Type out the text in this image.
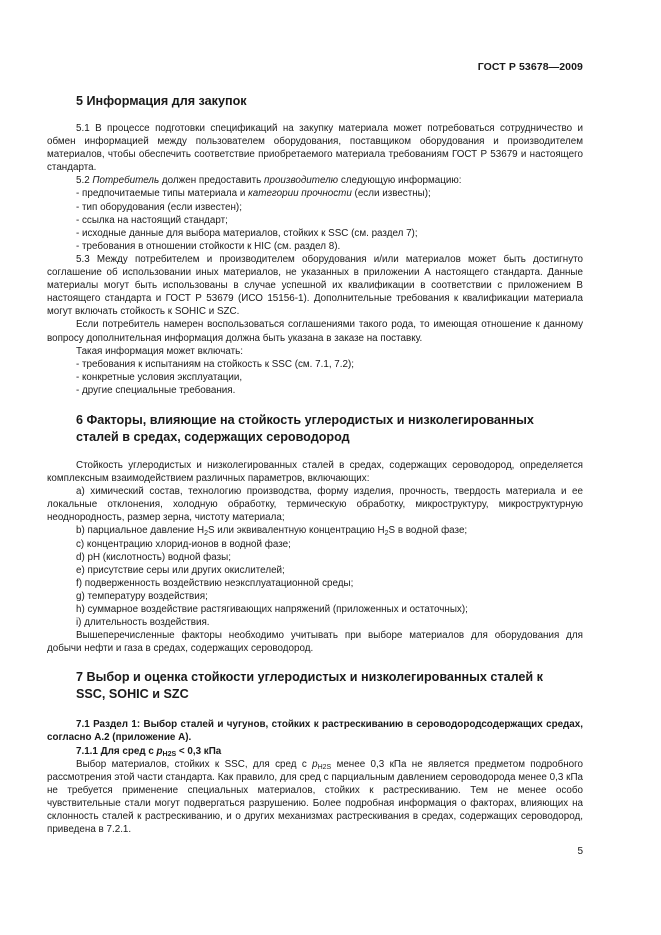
ГОСТ Р 53678—2009

5 Информация для закупок

5.1 В процессе подготовки спецификаций на закупку материала может потребоваться сотрудничество и обмен информацией между пользователем оборудования, поставщиком оборудования и производителем материалов, чтобы обеспечить соответствие приобретаемого материала требованиям ГОСТ Р 53679 и настоящего стандарта.

5.2 Потребитель должен предоставить производителю следующую информацию:

- предпочитаемые типы материала и категории прочности (если известны);

- тип оборудования (если известен);

- ссылка на настоящий стандарт;

- исходные данные для выбора материалов, стойких к SSC (см. раздел 7);

- требования в отношении стойкости к HIC (см. раздел 8).

5.3 Между потребителем и производителем оборудования и/или материалов может быть достигнуто соглашение об использовании иных материалов, не указанных в приложении А настоящего стандарта. Данные материалы могут быть использованы в случае успешной их квалификации в соответствии с приложением В настоящего стандарта и ГОСТ Р 53679 (ИСО 15156-1). Дополнительные требования к квалификации материала могут включать стойкость к SOHIC и SZC.

Если потребитель намерен воспользоваться соглашениями такого рода, то имеющая отношение к данному вопросу дополнительная информация должна быть указана в заказе на поставку.

Такая информация может включать:

- требования к испытаниям на стойкость к SSC (см. 7.1, 7.2);

- конкретные условия эксплуатации,

- другие специальные требования.

6 Факторы, влияющие на стойкость углеродистых и низколегированных
сталей в средах, содержащих сероводород

Стойкость углеродистых и низколегированных сталей в средах, содержащих сероводород, определяется комплексным взаимодействием различных параметров, включающих:

a) химический состав, технологию производства, форму изделия, прочность, твердость материала и ее локальные отклонения, холодную обработку, термическую обработку, микроструктуру, микроструктурную неоднородность, размер зерна, чистоту материала;

b) парциальное давление $H_2S$ или эквивалентную концентрацию $H_2S$ в водной фазе;

c) концентрацию хлорид-ионов в водной фазе;

d) pH (кислотность) водной фазы;

e) присутствие серы или других окислителей;

f) подверженность воздействию неэксплуатационной среды;

g) температуру воздействия;

h) суммарное воздействие растягивающих напряжений (приложенных и остаточных);

i) длительность воздействия.

Вышеперечисленные факторы необходимо учитывать при выборе материалов для оборудования для добычи нефти и газа в средах, содержащих сероводород.

7 Выбор и оценка стойкости углеродистых и низколегированных сталей к
SSC, SOHIC и SZC

7.1 Раздел 1: Выбор сталей и чугунов, стойких к растрескиванию в сероводородсодержащих средах, согласно А.2 (приложение А).

7.1.1 Для сред с $p_{H2S} < 0,3$ кПа

Выбор материалов, стойких к SSC, для сред с $p_{H2S}$ менее 0,3 кПа не является предметом подробного рассмотрения этой части стандарта. Как правило, для сред с парциальным давлением сероводорода менее 0,3 кПа не требуется применение специальных материалов, стойких к растрескиванию. Тем не менее особо чувствительные стали могут подвергаться разрушению. Более подробная информация о факторах, влияющих на склонность сталей к растрескиванию, и о других механизмах растрескивания в средах, содержащих сероводород, приведена в 7.2.1.

5
